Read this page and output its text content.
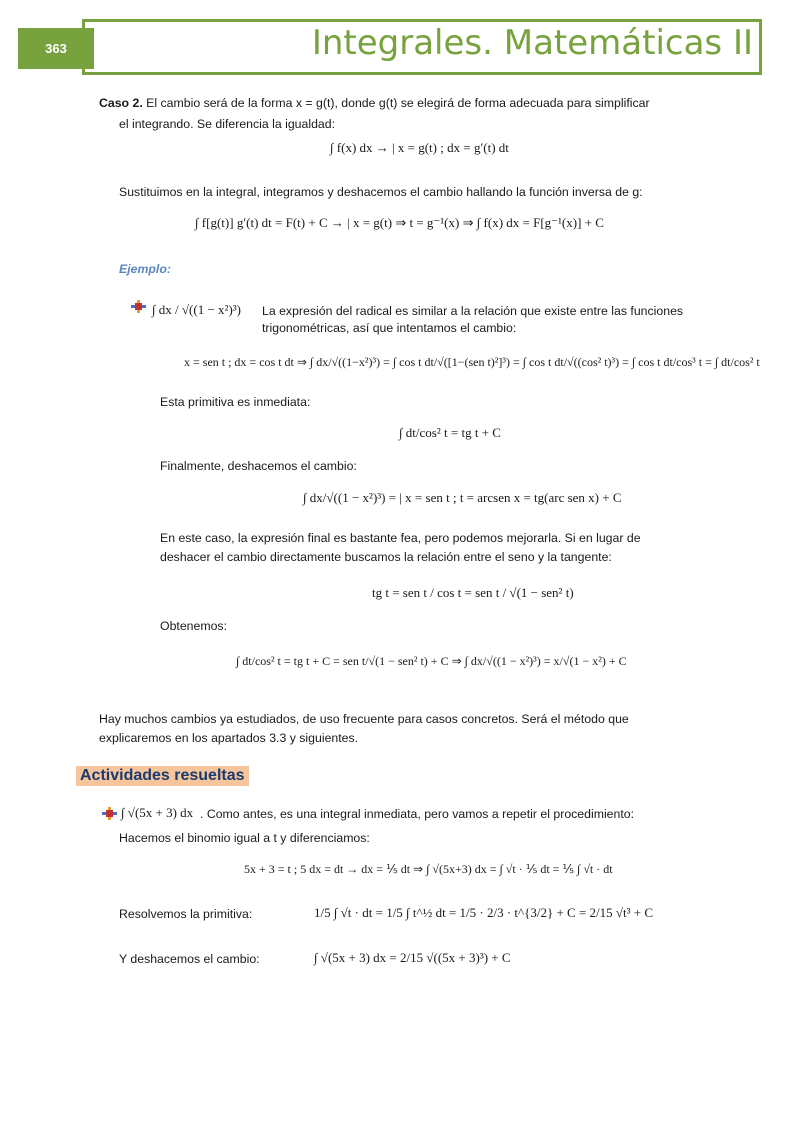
363	Integrales. Matemáticas II
Caso 2. El cambio será de la forma x = g(t), donde g(t) se elegirá de forma adecuada para simplificar
el integrando. Se diferencia la igualdad:
∫ f(x) dx → | x = g(t) ; dx = g′(t) dt
Sustituimos en la integral, integramos y deshacemos el cambio hallando la función inversa de g:
∫ f[g(t)] g′(t) dt = F(t) + C → | x = g(t) ⇒ t = g⁻¹(x) ⇒ ∫ f(x) dx = F[g⁻¹(x)] + C
Ejemplo:
∫ dx / √((1 − x²)³) La expresión del radical es similar a la relación que existe entre las funciones
trigonométricas, así que intentamos el cambio:
x = sen t ; dx = cos t dt ⇒ ∫ dx/√((1−x²)³) = ∫ cos t dt/√([1−(sen t)²]³) = ∫ cos t dt/√((cos² t)³) = ∫ cos t dt/cos³ t = ∫ dt/cos² t
Esta primitiva es inmediata:
∫ dt/cos² t = tg t + C
Finalmente, deshacemos el cambio:
∫ dx/√((1 − x²)³) = | x = sen t ; t = arcsen x = tg(arc sen x) + C
En este caso, la expresión final es bastante fea, pero podemos mejorarla. Si en lugar de
deshacer el cambio directamente buscamos la relación entre el seno y la tangente:
tg t = sen t / cos t = sen t / √(1 − sen² t)
Obtenemos:
∫ dt/cos² t = tg t + C = sen t/√(1 − sen² t) + C ⇒ ∫ dx/√((1 − x²)³) = x/√(1 − x²) + C
Hay muchos cambios ya estudiados, de uso frecuente para casos concretos. Será el método que
explicaremos en los apartados 3.3 y siguientes.
Actividades resueltas
∫ √(5x + 3) dx . Como antes, es una integral inmediata, pero vamos a repetir el procedimiento:
Hacemos el binomio igual a t y diferenciamos:
5x + 3 = t ; 5 dx = dt → dx = ⅕ dt ⇒ ∫ √(5x+3) dx = ∫ √t · ⅕ dt = ⅕ ∫ √t · dt
Resolvemos la primitiva:	1/5 ∫ √t · dt = 1/5 ∫ t^½ dt = 1/5 · 2/3 · t^{3/2} + C = 2/15 √t³ + C
Y deshacemos el cambio:	∫ √(5x + 3) dx = 2/15 √((5x + 3)³) + C
